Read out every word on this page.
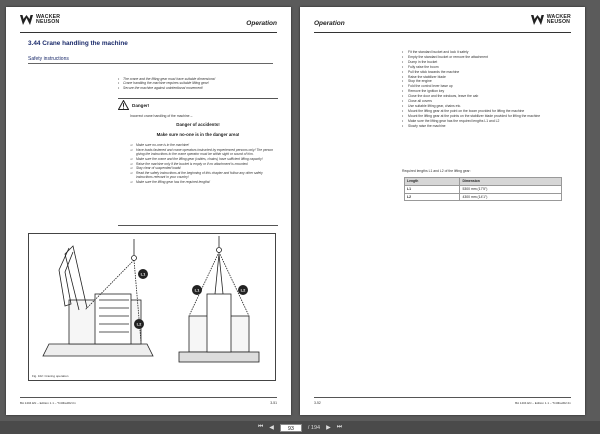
WACKER
NEUSON	Operation
3.44 Crane handling the machine
Safety instructions
• The crane and the lifting gear must have suitable dimensions!
• Crane handling the machine requires suitable lifting gear!
• Secure the machine against unintentional movement!
Danger!
Incorrect crane handling of the machine –
Danger of accidents!
Make sure no-one is in the danger area!
⇒ Make sure no-one is in the machine!
⇒ Have loads fastened and crane operators instructed by experienced persons only! The person giving the instructions to the crane operator must be within sight or sound of him.
⇒ Make sure the crane and the lifting gear (cables, chains) have sufficient lifting capacity!
⇒ Raise the machine only if the bucket is empty or if no attachment is mounted.
⇒ Stay clear of suspended loads!
⇒ Read the safety instructions at the beginning of this chapter and follow any other safety instructions relevant in your country!
⇒ Make sure the lifting gear has the required lengths!
L1
L2
L1	L2
Fig. 102: Craning operation
BA 1404 EN – Edition 1.1 – *b40ba302.fm	3-51
Operation
WACKER
NEUSON
• Fit the standard bucket and lock it safely
• Empty the standard bucket or remove the attachment
• Dump in the bucket
• Fully raise the boom
• Pull the stick towards the machine
• Raise the stabilizer blade
• Stop the engine
• Fold the control lever base up
• Remove the ignition key
• Close the door and the windows, leave the cab
• Close all covers
• Use suitable lifting gear, chains etc.
• Mount the lifting gear at the point on the boom provided for lifting the machine
• Mount the lifting gear at the points on the stabilizer blade provided for lifting the machine
• Make sure the lifting gear has the required lengths L1 and L2
• Slowly raise the machine
Required lengths L1 and L2 of the lifting gear:
Length	Dimension
L1	5300 mm (17'5")
L2	4300 mm (14'1")
3-52	BA 1404 EN – Edition 1.1 – *b40ba302.fm
⏮ ◀	93	/ 194 ▶ ⏭
